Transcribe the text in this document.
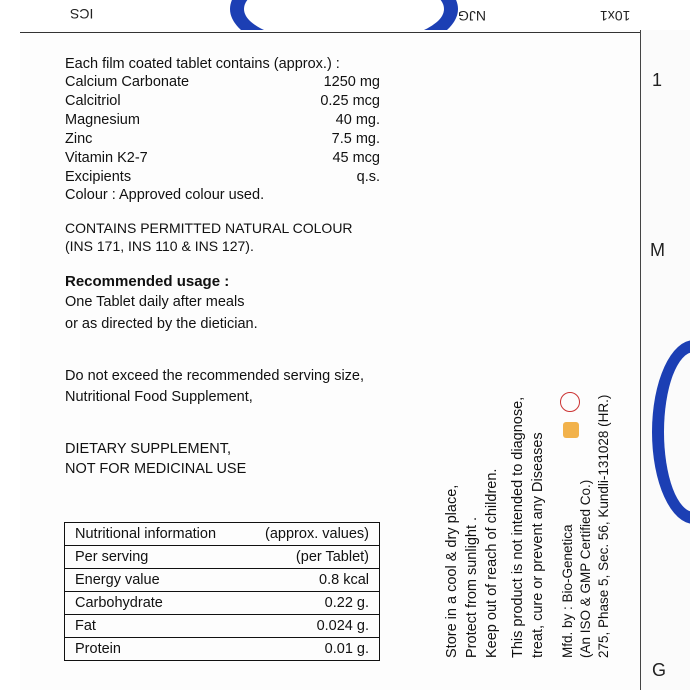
ICS	NJG	10x1
1
M
G
Each film coated tablet contains (approx.) :
Calcium Carbonate	1250 mg
Calcitriol	0.25 mcg
Magnesium	40 mg.
Zinc	7.5 mg.
Vitamin K2-7	45 mcg
Excipients	q.s.
Colour : Approved colour used.
CONTAINS PERMITTED NATURAL COLOUR
(INS 171, INS 110 & INS 127).
Recommended usage :
One Tablet daily after meals
or as directed by the dietician.
Do not exceed the recommended serving size,
Nutritional Food Supplement,
DIETARY SUPPLEMENT,
NOT FOR MEDICINAL USE
Nutritional information	(approx. values)
Per serving	(per Tablet)
Energy value	0.8 kcal
Carbohydrate	0.22 g.
Fat	0.024 g.
Protein	0.01 g.	Store in a cool & dry place, Protect from sunlight . Keep out of reach of children. This product is not intended to diagnose, treat, cure or prevent any Diseases Mfd. by : Bio-Genetica (An ISO & GMP Certified Co.) 275, Phase 5, Sec. 56, Kundli-131028 (HR.)
